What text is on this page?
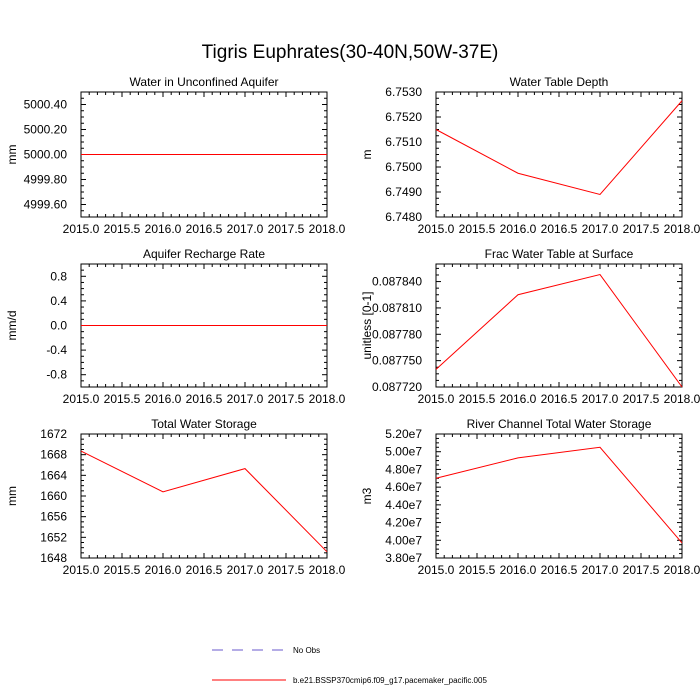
Tigris Euphrates(30-40N,50W-37E)
Water in Unconfined Aquifer
mm
2015.0 2015.5 2016.0 2016.5 2017.0 2017.5 2018.0
4999.60
4999.80
5000.00
5000.20
5000.40
Water Table Depth
m
2015.0 2015.5 2016.0 2016.5 2017.0 2017.5 2018.0
6.7480
6.7490
6.7500
6.7510
6.7520
6.7530
Aquifer Recharge Rate
mm/d
2015.0 2015.5 2016.0 2016.5 2017.0 2017.5 2018.0
-0.8
-0.4
0.0
0.4
0.8
Frac Water Table at Surface
unitless [0-1]
2015.0 2015.5 2016.0 2016.5 2017.0 2017.5 2018.0
0.087720
0.087750
0.087780
0.087810
0.087840
Total Water Storage
mm
2015.0 2015.5 2016.0 2016.5 2017.0 2017.5 2018.0
1648
1652
1656
1660
1664
1668
1672
River Channel Total Water Storage
m3
2015.0 2015.5 2016.0 2016.5 2017.0 2017.5 2018.0
3.80e7
4.00e7
4.20e7
4.40e7
4.60e7
4.80e7
5.00e7
5.20e7
No Obs
b.e21.BSSP370cmip6.f09_g17.pacemaker_pacific.005
